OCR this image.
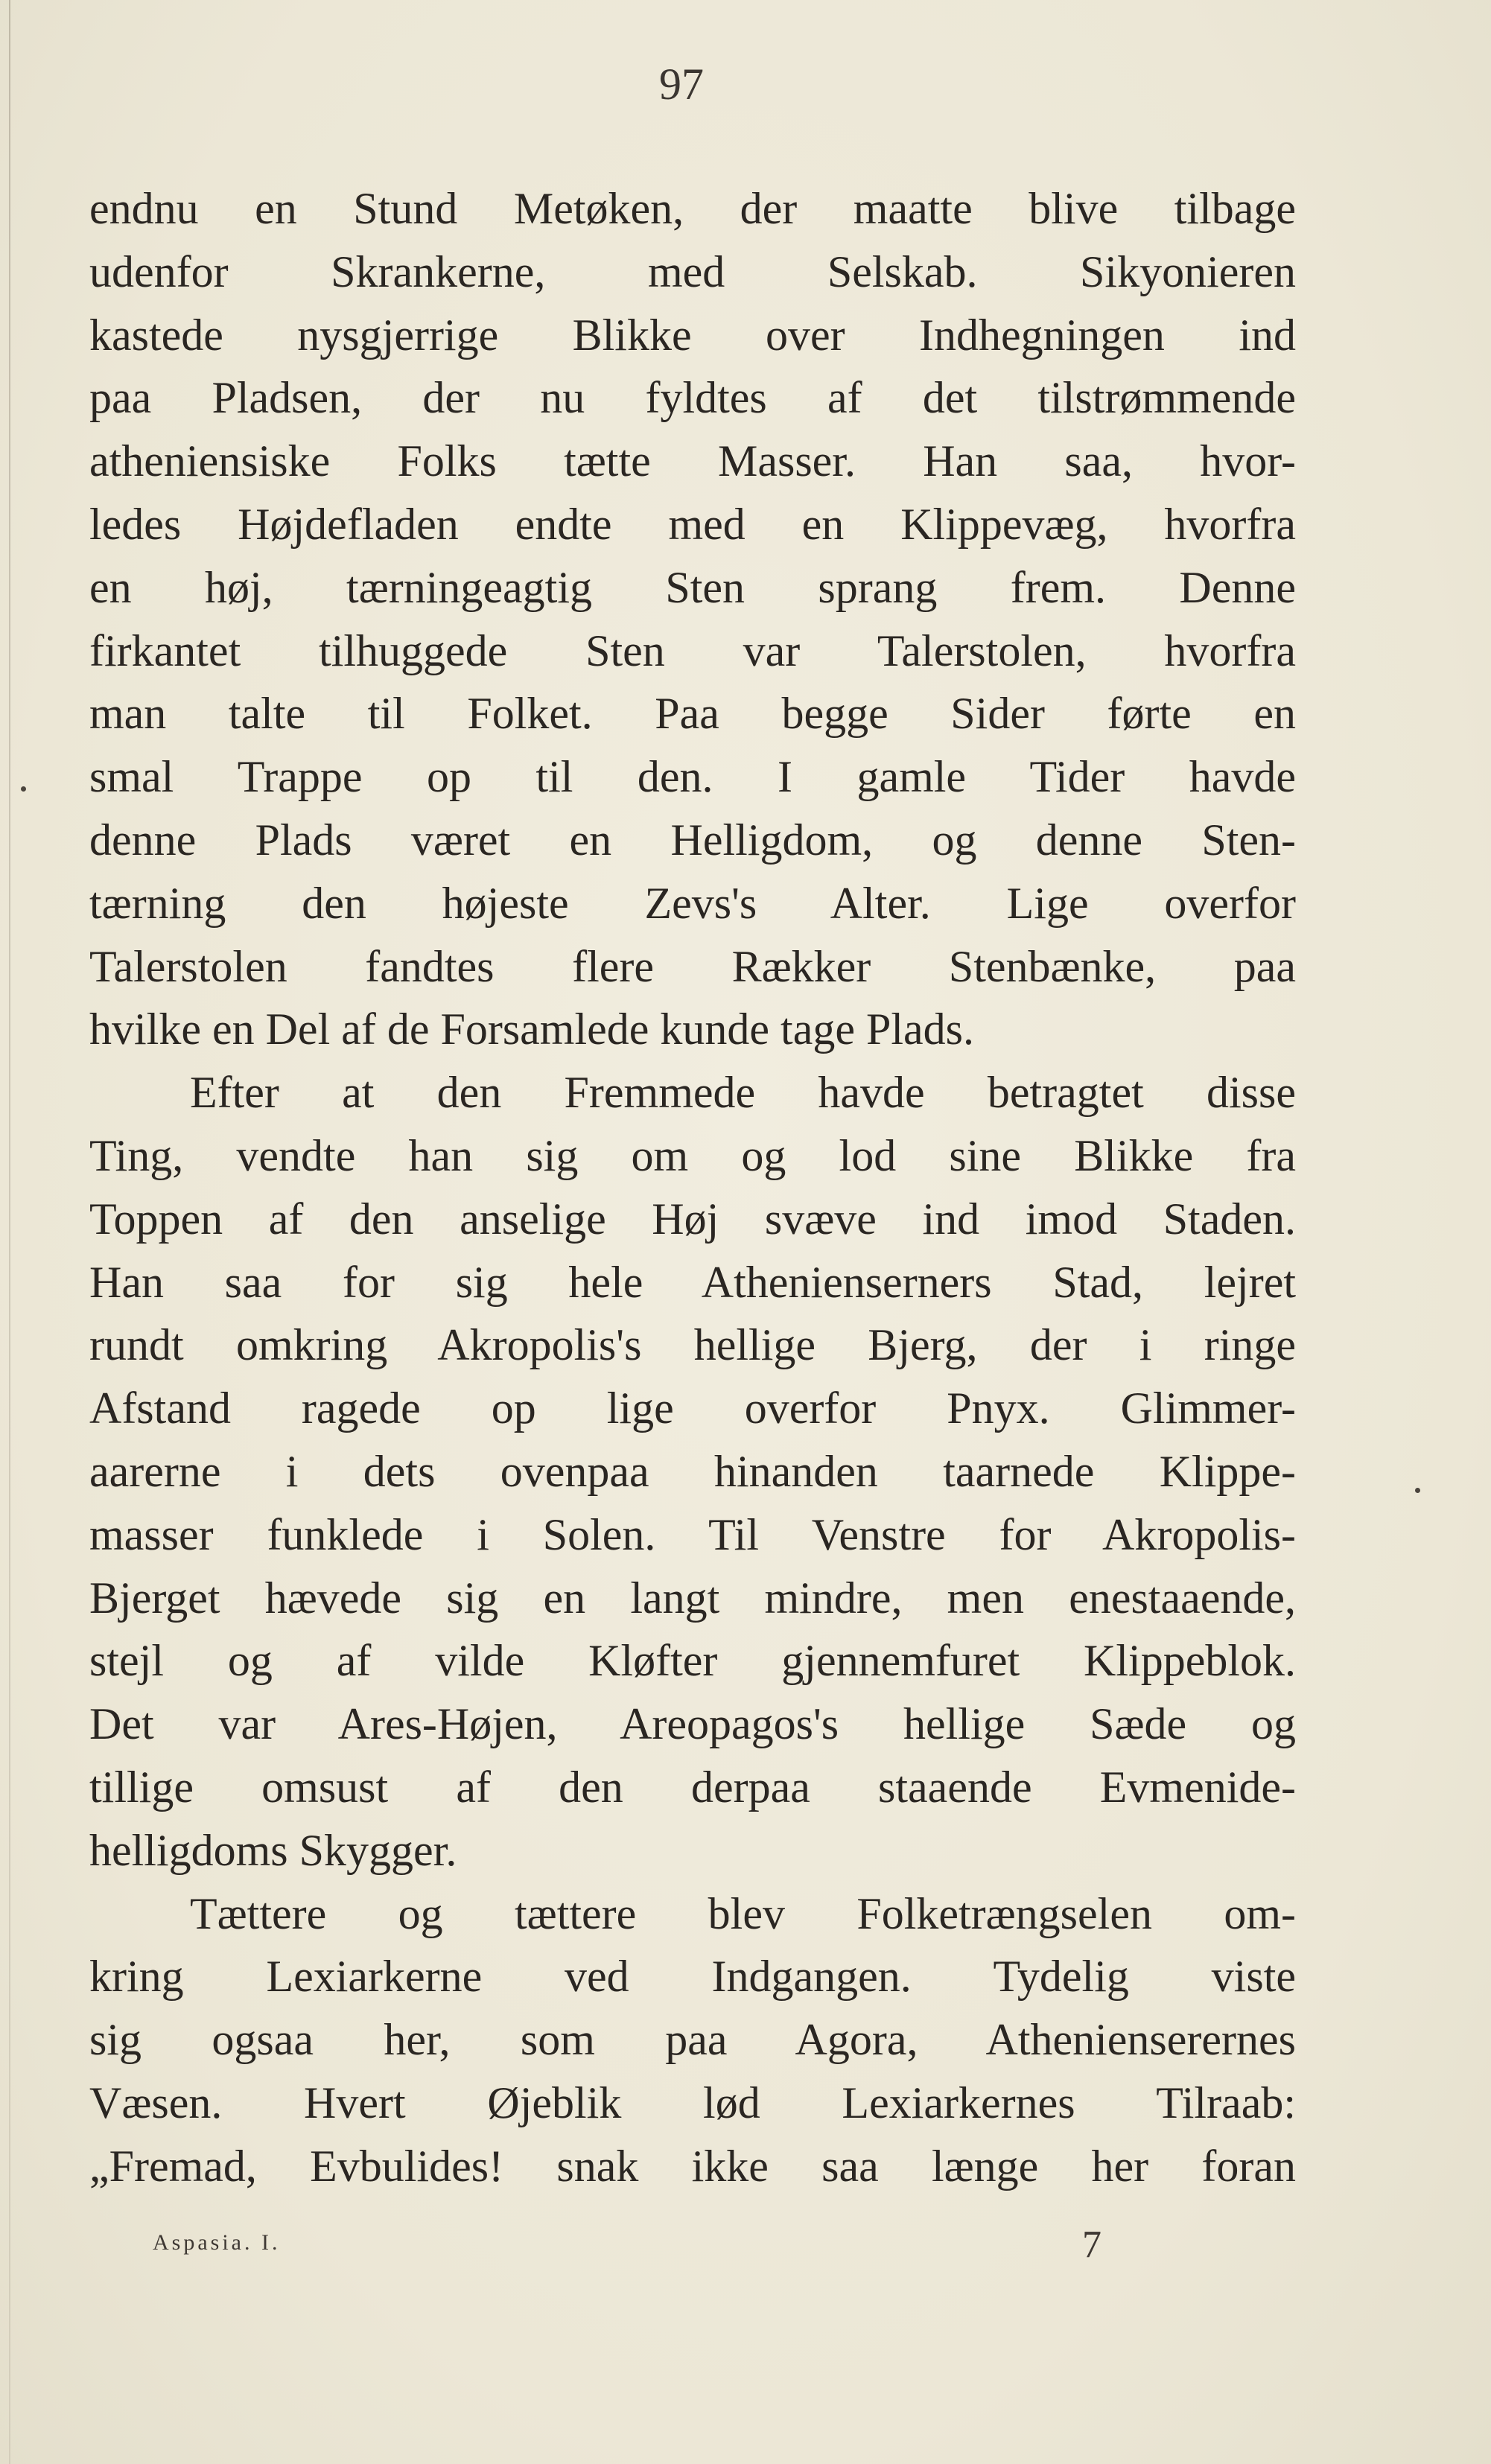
97
endnu en Stund Metøken, der maatte blive tilbage
udenfor Skrankerne, med Selskab. Sikyonieren
kastede nysgjerrige Blikke over Indhegningen ind
paa Pladsen, der nu fyldtes af det tilstrømmende
atheniensiske Folks tætte Masser. Han saa, hvor-
ledes Højdefladen endte med en Klippevæg, hvorfra
en høj, tærningeagtig Sten sprang frem. Denne
firkantet tilhuggede Sten var Talerstolen, hvorfra
man talte til Folket. Paa begge Sider førte en
smal Trappe op til den. I gamle Tider havde
denne Plads været en Helligdom, og denne Sten-
tærning den højeste Zevs's Alter. Lige overfor
Talerstolen fandtes flere Rækker Stenbænke, paa
hvilke en Del af de Forsamlede kunde tage Plads.
Efter at den Fremmede havde betragtet disse
Ting, vendte han sig om og lod sine Blikke fra
Toppen af den anselige Høj svæve ind imod Staden.
Han saa for sig hele Athenienserners Stad, lejret
rundt omkring Akropolis's hellige Bjerg, der i ringe
Afstand ragede op lige overfor Pnyx. Glimmer-
aarerne i dets ovenpaa hinanden taarnede Klippe-
masser funklede i Solen. Til Venstre for Akropolis-
Bjerget hævede sig en langt mindre, men enestaaende,
stejl og af vilde Kløfter gjennemfuret Klippeblok.
Det var Ares-Højen, Areopagos's hellige Sæde og
tillige omsust af den derpaa staaende Evmenide-
helligdoms Skygger.
Tættere og tættere blev Folketrængselen om-
kring Lexiarkerne ved Indgangen. Tydelig viste
sig ogsaa her, som paa Agora, Athenienserernes
Væsen. Hvert Øjeblik lød Lexiarkernes Tilraab:
„Fremad, Evbulides! snak ikke saa længe her foran
Aspasia. I.	7
